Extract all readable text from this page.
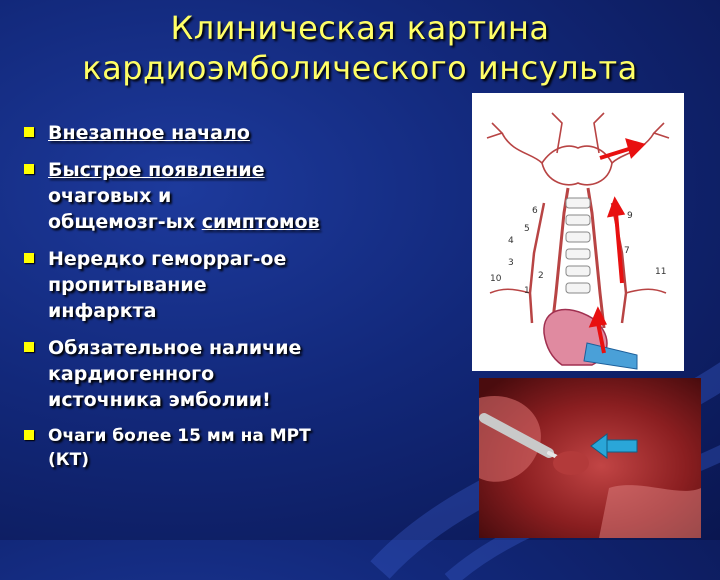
Клиническая картина
кардиоэмболического инсульта
Внезапное начало
Быстрое появление
очаговых и
общемозг-ых симптомов
Нередко геморраг-ое
пропитывание
инфаркта
Обязательное наличие
кардиогенного
источника эмболии!
Очаги более 15 мм на МРТ
(КТ)
1
2
3
4
5
6
7
9
10
11
